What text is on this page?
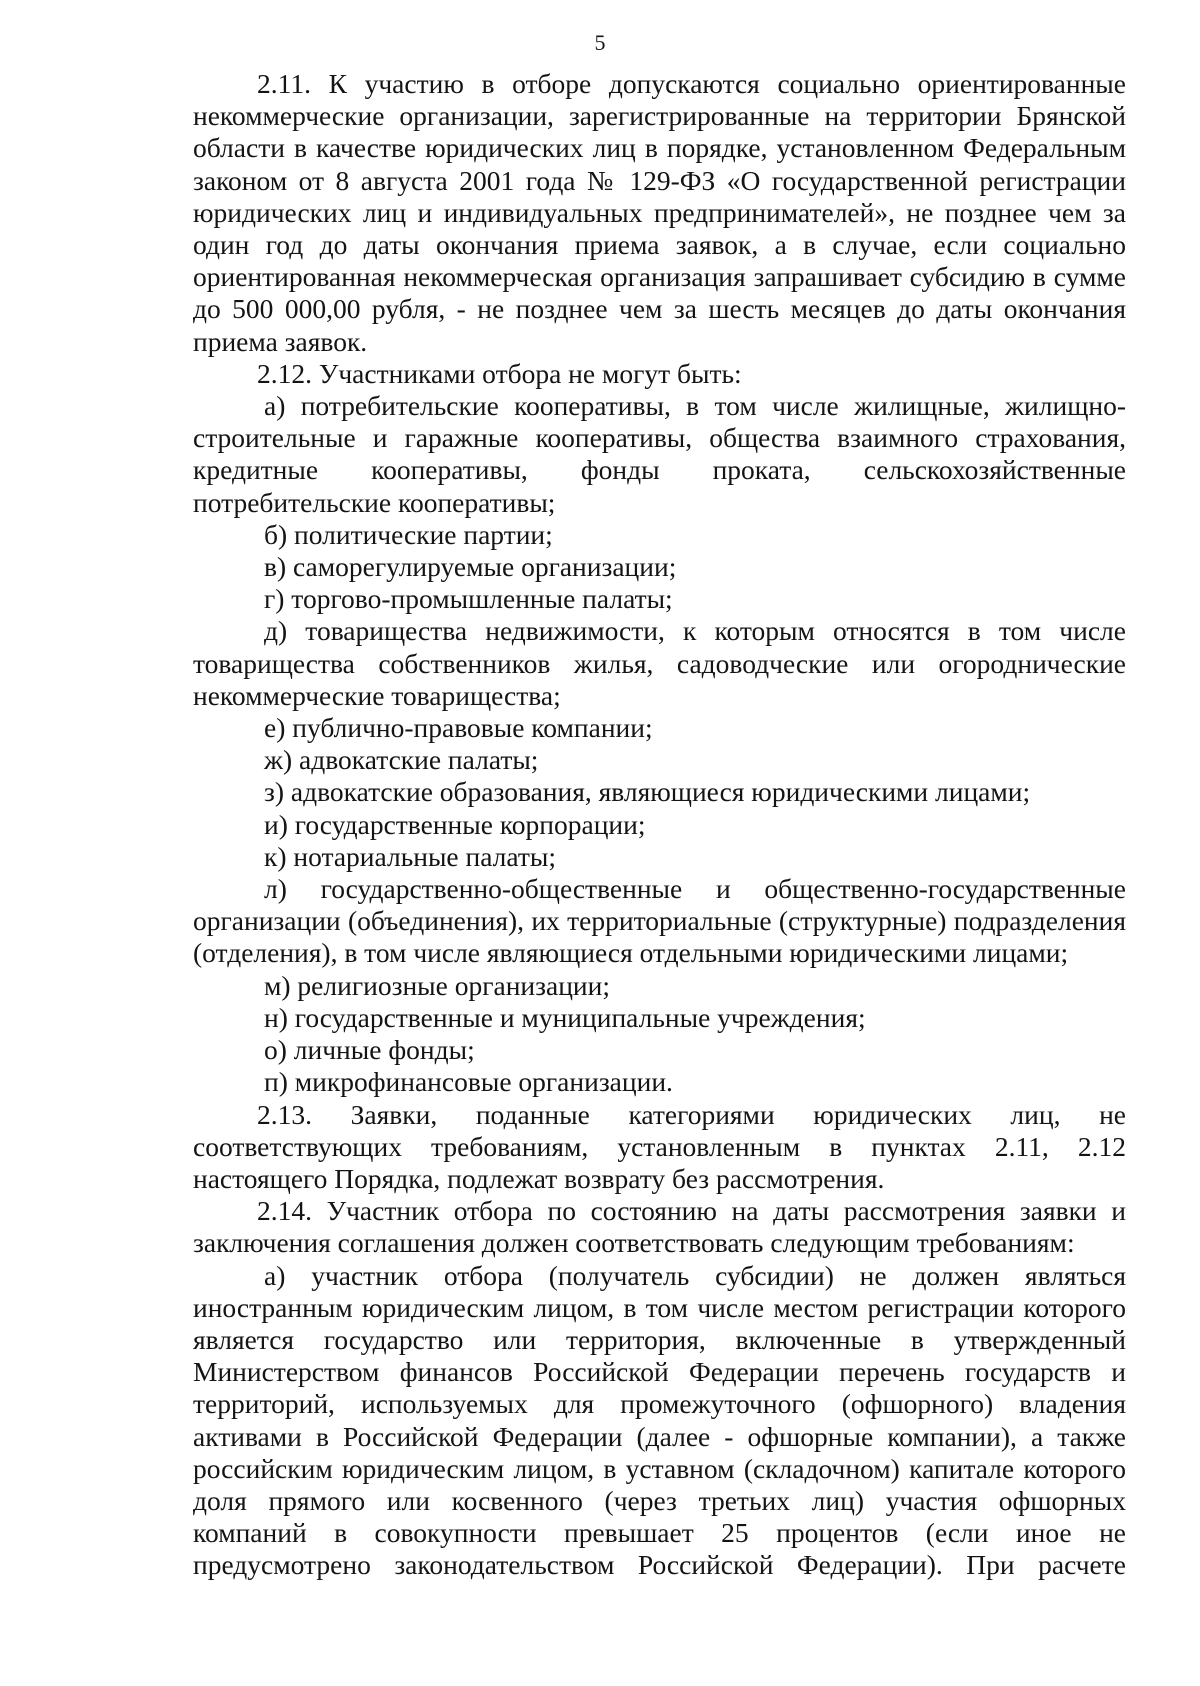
5

2.11. К участию в отборе допускаются социально ориентированные некоммерческие организации, зарегистрированные на территории Брянской области в качестве юридических лиц в порядке, установленном Федеральным законом от 8 августа 2001 года № 129-ФЗ «О государственной регистрации юридических лиц и индивидуальных предпринимателей», не позднее чем за один год до даты окончания приема заявок, а в случае, если социально ориентированная некоммерческая организация запрашивает субсидию в сумме до 500 000,00 рубля, - не позднее чем за шесть месяцев до даты окончания приема заявок.

2.12. Участниками отбора не могут быть:

а) потребительские кооперативы, в том числе жилищные, жилищно-строительные и гаражные кооперативы, общества взаимного страхования, кредитные кооперативы, фонды проката, сельскохозяйственные потребительские кооперативы;

б) политические партии;

в) саморегулируемые организации;

г) торгово-промышленные палаты;

д) товарищества недвижимости, к которым относятся в том числе товарищества собственников жилья, садоводческие или огороднические некоммерческие товарищества;

е) публично-правовые компании;

ж) адвокатские палаты;

з) адвокатские образования, являющиеся юридическими лицами;

и) государственные корпорации;

к) нотариальные палаты;

л) государственно-общественные и общественно-государственные организации (объединения), их территориальные (структурные) подразделения (отделения), в том числе являющиеся отдельными юридическими лицами;

м) религиозные организации;

н) государственные и муниципальные учреждения;

о) личные фонды;

п) микрофинансовые организации.

2.13. Заявки, поданные категориями юридических лиц, не соответствующих требованиям, установленным в пунктах 2.11, 2.12 настоящего Порядка, подлежат возврату без рассмотрения.

2.14. Участник отбора по состоянию на даты рассмотрения заявки и заключения соглашения должен соответствовать следующим требованиям:

а) участник отбора (получатель субсидии) не должен являться иностранным юридическим лицом, в том числе местом регистрации которого является государство или территория, включенные в утвержденный Министерством финансов Российской Федерации перечень государств и территорий, используемых для промежуточного (офшорного) владения активами в Российской Федерации (далее - офшорные компании), а также российским юридическим лицом, в уставном (складочном) капитале которого доля прямого или косвенного (через третьих лиц) участия офшорных компаний в совокупности превышает 25 процентов (если иное не предусмотрено законодательством Российской Федерации). При расчете
